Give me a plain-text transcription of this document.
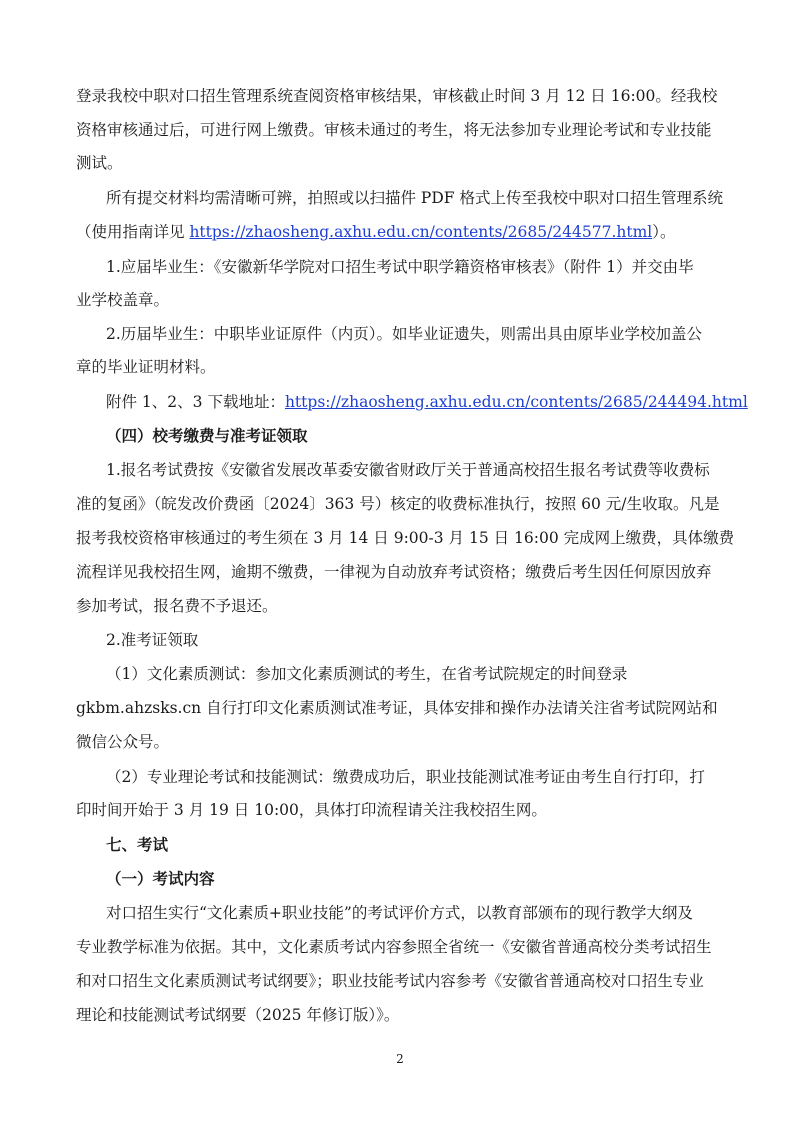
登录我校中职对口招生管理系统查阅资格审核结果，审核截止时间 3 月 12 日 16:00。经我校
资格审核通过后，可进行网上缴费。审核未通过的考生，将无法参加专业理论考试和专业技能
测试。
所有提交材料均需清晰可辨，拍照或以扫描件 PDF 格式上传至我校中职对口招生管理系统
（使用指南详见 https://zhaosheng.axhu.edu.cn/contents/2685/244577.html）。
1.应届毕业生：《安徽新华学院对口招生考试中职学籍资格审核表》（附件 1）并交由毕
业学校盖章。
2.历届毕业生：中职毕业证原件（内页）。如毕业证遗失，则需出具由原毕业学校加盖公
章的毕业证明材料。
附件 1、2、3 下载地址：https://zhaosheng.axhu.edu.cn/contents/2685/244494.html
（四）校考缴费与准考证领取
1.报名考试费按《安徽省发展改革委安徽省财政厅关于普通高校招生报名考试费等收费标
准的复函》（皖发改价费函〔2024〕363 号）核定的收费标准执行，按照 60 元/生收取。凡是
报考我校资格审核通过的考生须在 3 月 14 日 9:00-3 月 15 日 16:00 完成网上缴费，具体缴费
流程详见我校招生网，逾期不缴费，一律视为自动放弃考试资格；缴费后考生因任何原因放弃
参加考试，报名费不予退还。
2.准考证领取
（1）文化素质测试：参加文化素质测试的考生，在省考试院规定的时间登录
gkbm.ahzsks.cn 自行打印文化素质测试准考证，具体安排和操作办法请关注省考试院网站和
微信公众号。
（2）专业理论考试和技能测试：缴费成功后，职业技能测试准考证由考生自行打印，打
印时间开始于 3 月 19 日 10:00，具体打印流程请关注我校招生网。
七、考试
（一）考试内容
对口招生实行“文化素质+职业技能”的考试评价方式，以教育部颁布的现行教学大纲及
专业教学标准为依据。其中，文化素质考试内容参照全省统一《安徽省普通高校分类考试招生
和对口招生文化素质测试考试纲要》；职业技能考试内容参考《安徽省普通高校对口招生专业
理论和技能测试考试纲要（2025 年修订版）》。
2
